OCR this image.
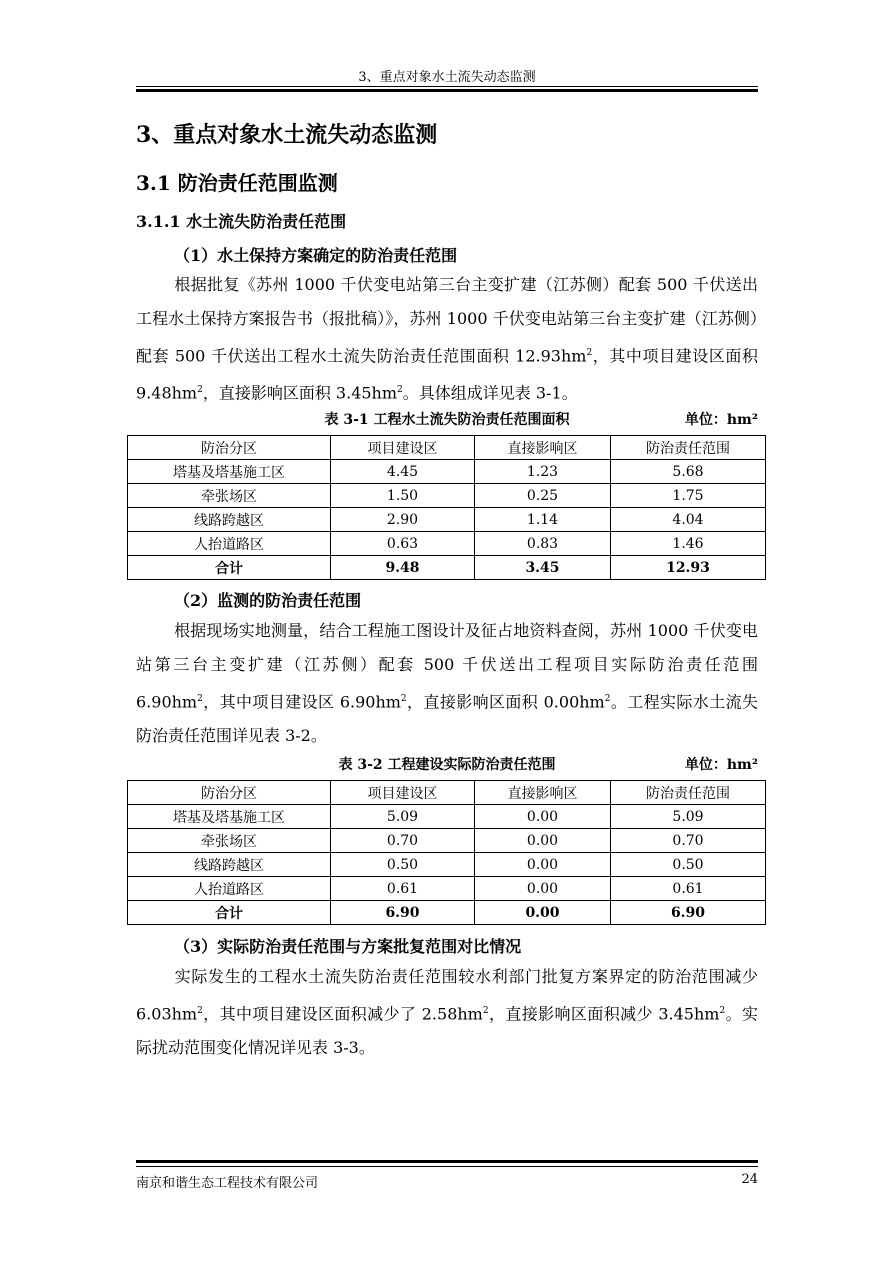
3、重点对象水土流失动态监测
3、重点对象水土流失动态监测
3.1 防治责任范围监测
3.1.1 水土流失防治责任范围
（1）水土保持方案确定的防治责任范围

根据批复《苏州 1000 千伏变电站第三台主变扩建（江苏侧）配套 500 千伏送出工程水土保持方案报告书（报批稿）》，苏州 1000 千伏变电站第三台主变扩建（江苏侧）配套 500 千伏送出工程水土流失防治责任范围面积 $12.93hm^2$，其中项目建设区面积 $9.48hm^2$，直接影响区面积 $3.45hm^2$。具体组成详见表 3-1。

表 3-1 工程水土流失防治责任范围面积	单位：hm²
防治分区	项目建设区	直接影响区	防治责任范围
塔基及塔基施工区	4.45	1.23	5.68
牵张场区	1.50	0.25	1.75
线路跨越区	2.90	1.14	4.04
人抬道路区	0.63	0.83	1.46
合计	9.48	3.45	12.93
（2）监测的防治责任范围

根据现场实地测量，结合工程施工图设计及征占地资料查阅，苏州 1000 千伏变电站第三台主变扩建（江苏侧）配套 500 千伏送出工程项目实际防治责任范围 $6.90hm^2$，其中项目建设区 $6.90hm^2$，直接影响区面积 $0.00hm^2$。工程实际水土流失防治责任范围详见表 3-2。

表 3-2 工程建设实际防治责任范围	单位：hm²
防治分区	项目建设区	直接影响区	防治责任范围
塔基及塔基施工区	5.09	0.00	5.09
牵张场区	0.70	0.00	0.70
线路跨越区	0.50	0.00	0.50
人抬道路区	0.61	0.00	0.61
合计	6.90	0.00	6.90
（3）实际防治责任范围与方案批复范围对比情况

实际发生的工程水土流失防治责任范围较水利部门批复方案界定的防治范围减少 $6.03hm^2$，其中项目建设区面积减少了 $2.58hm^2$，直接影响区面积减少 $3.45hm^2$。实际扰动范围变化情况详见表 3-3。

南京和谐生态工程技术有限公司	24
